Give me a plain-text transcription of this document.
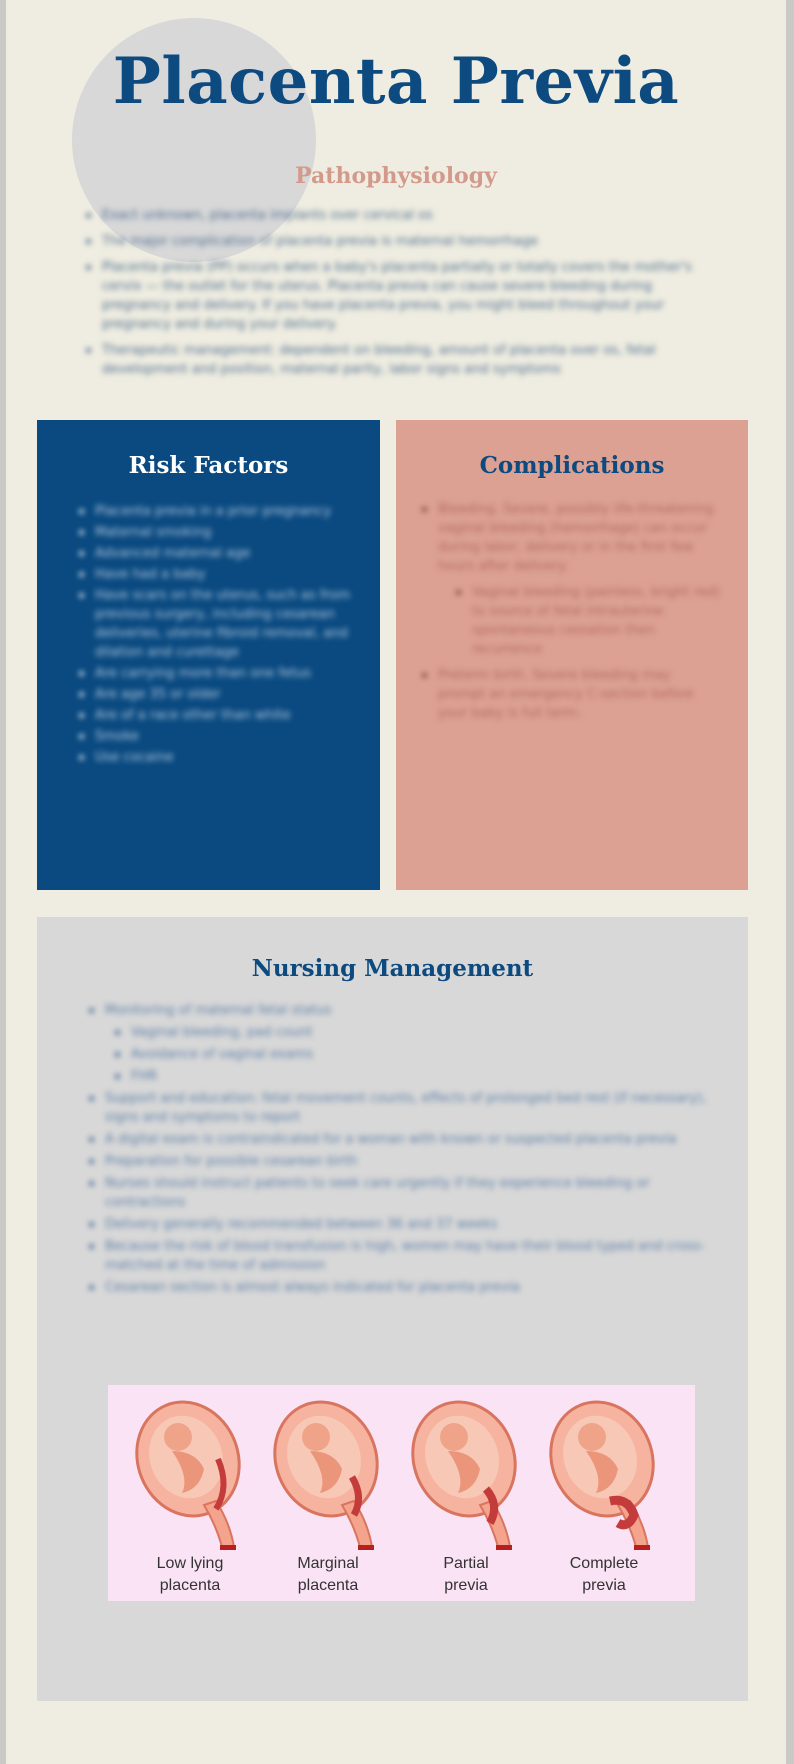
Placenta Previa
Pathophysiology
Exact unknown, placenta implants over cervical os
The major complication of placenta previa is maternal hemorrhage
Placenta previa (PP) occurs when a baby's placenta partially or totally covers the mother's cervix — the outlet for the uterus. Placenta previa can cause severe bleeding during pregnancy and delivery. If you have placenta previa, you might bleed throughout your pregnancy and during your delivery.
Therapeutic management: dependent on bleeding, amount of placenta over os, fetal development and position, maternal parity, labor signs and symptoms
Risk Factors
Placenta previa in a prior pregnancy
Maternal smoking
Advanced maternal age
Have had a baby
Have scars on the uterus, such as from previous surgery, including cesarean deliveries, uterine fibroid removal, and dilation and curettage
Are carrying more than one fetus
Are age 35 or older
Are of a race other than white
Smoke
Use cocaine
Complications
Bleeding. Severe, possibly life-threatening vaginal bleeding (hemorrhage) can occur during labor, delivery or in the first few hours after delivery.
Vaginal bleeding (painless, bright red) to source of fetal intrauterine spontaneous cessation then recurrence
Preterm birth. Severe bleeding may prompt an emergency C-section before your baby is full term.
Nursing Management
Monitoring of maternal fetal status
Vaginal bleeding, pad count
Avoidance of vaginal exams
FHR
Support and education: fetal movement counts, effects of prolonged bed rest (if necessary), signs and symptoms to report
A digital exam is contraindicated for a woman with known or suspected placenta previa
Preparation for possible cesarean birth
Nurses should instruct patients to seek care urgently if they experience bleeding or contractions
Delivery generally recommended between 36 and 37 weeks
Because the risk of blood transfusion is high, women may have their blood typed and cross-matched at the time of admission
Cesarean section is almost always indicated for placenta previa
Low lying
placenta
Marginal
placenta
Partial
previa
Complete
previa
